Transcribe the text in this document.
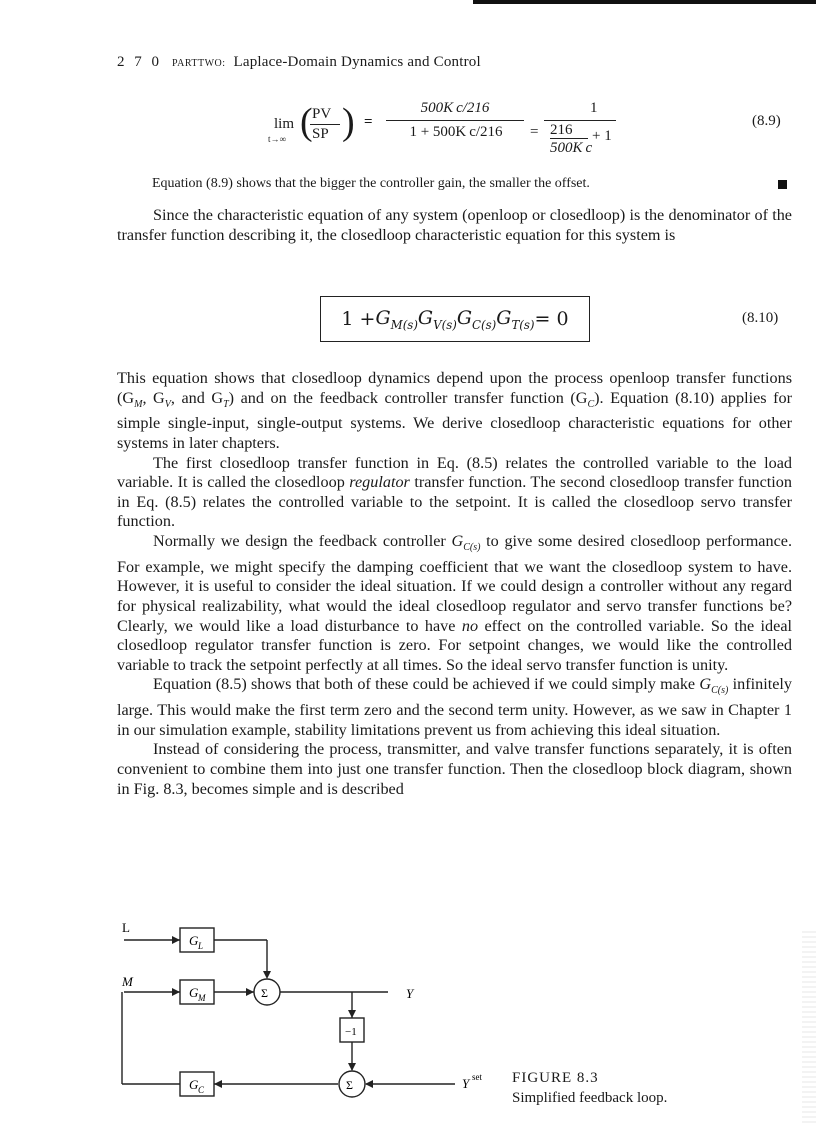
2 7 0 PARTTWO: Laplace-Domain Dynamics and Control
lim
t→∞ ( PV
SP ) =
500K c/216
1 + 500K c/216	=
1
216
500K c
+ 1
(8.9)
Equation (8.9) shows that the bigger the controller gain, the smaller the offset.

Since the characteristic equation of any system (openloop or closedloop) is the denominator of the transfer function describing it, the closedloop characteristic equation for this system is

$1 + G_{M(s)}G_{V(s)}G_{C(s)}G_{T(s)} = 0$	(8.10)

This equation shows that closedloop dynamics depend upon the process openloop transfer functions ($G_M$, $G_V$, and $G_T$) and on the feedback controller transfer function $(G_C)$. Equation (8.10) applies for simple single-input, single-output systems. We derive closedloop characteristic equations for other systems in later chapters.

The first closedloop transfer function in Eq. (8.5) relates the controlled variable to the load variable. It is called the closedloop regulator transfer function. The second closedloop transfer function in Eq. (8.5) relates the controlled variable to the setpoint. It is called the closedloop servo transfer function.

Normally we design the feedback controller $G_{C(s)}$ to give some desired closedloop performance. For example, we might specify the damping coefficient that we want the closedloop system to have. However, it is useful to consider the ideal situation. If we could design a controller without any regard for physical realizability, what would the ideal closedloop regulator and servo transfer functions be? Clearly, we would like a load disturbance to have no effect on the controlled variable. So the ideal closedloop regulator transfer function is zero. For setpoint changes, we would like the controlled variable to track the setpoint perfectly at all times. So the ideal servo transfer function is unity.

Equation (8.5) shows that both of these could be achieved if we could simply make $G_{C(s)}$ infinitely large. This would make the first term zero and the second term unity. However, as we saw in Chapter 1 in our simulation example, stability limitations prevent us from achieving this ideal situation.

Instead of considering the process, transmitter, and valve transfer functions separately, it is often convenient to combine them into just one transfer function. Then the closedloop block diagram, shown in Fig. 8.3, becomes simple and is described

L
M
Y
Y set
G L
G M
G C
−1
Σ
Σ	FIGURE 8.3
Simplified feedback loop.
